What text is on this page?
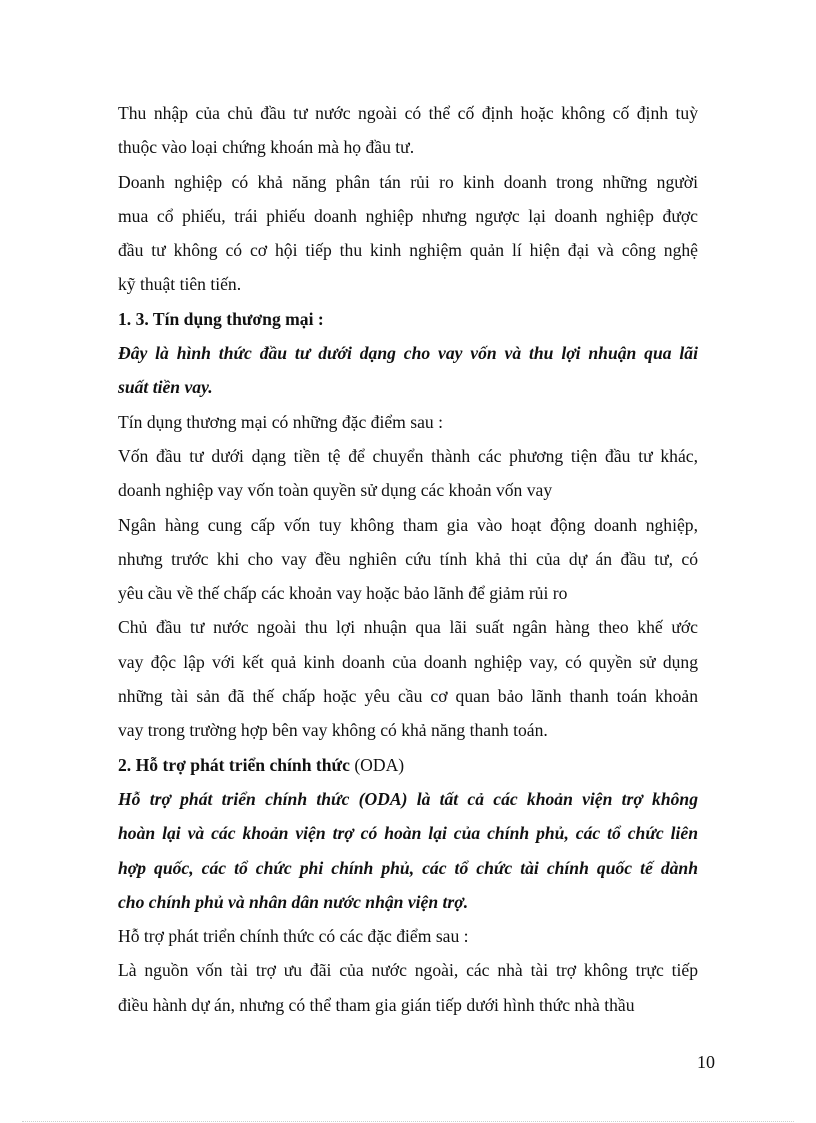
Thu nhập của chủ đầu tư nước ngoài có thể cố định hoặc không cố định tuỳ
thuộc vào loại chứng khoán mà họ đầu tư.
Doanh nghiệp có khả năng phân tán rủi ro kinh doanh trong những người
mua cổ phiếu, trái phiếu doanh nghiệp nhưng ngược lại doanh nghiệp được
đầu tư không có cơ hội tiếp thu kinh nghiệm quản lí hiện đại và công nghệ
kỹ thuật tiên tiến.
1. 3. Tín dụng thương mại :
Đây là hình thức đầu tư dưới dạng cho vay vốn và thu lợi nhuận qua lãi
suất tiền vay.
Tín dụng thương mại có những đặc điểm sau :
Vốn đầu tư dưới dạng tiền tệ để chuyển thành các phương tiện đầu tư khác,
doanh nghiệp vay vốn toàn quyền sử dụng các khoản vốn vay
Ngân hàng cung cấp vốn tuy không tham gia vào hoạt động doanh nghiệp,
nhưng trước khi cho vay đều nghiên cứu tính khả thi của dự án đầu tư, có
yêu cầu về thế chấp các khoản vay hoặc bảo lãnh để giảm rủi ro
Chủ đầu tư nước ngoài thu lợi nhuận qua lãi suất ngân hàng theo khế ước
vay độc lập với kết quả kinh doanh của doanh nghiệp vay, có quyền sử dụng
những tài sản đã thế chấp hoặc yêu cầu cơ quan bảo lãnh thanh toán khoản
vay trong trường hợp bên vay không có khả năng thanh toán.
2. Hỗ trợ phát triển chính thức (ODA)
Hỗ trợ phát triển chính thức (ODA) là tất cả các khoản viện trợ không
hoàn lại và các khoản viện trợ có hoàn lại của chính phủ, các tổ chức liên
hợp quốc, các tổ chức phi chính phủ, các tổ chức tài chính quốc tế dành
cho chính phủ và nhân dân nước nhận viện trợ.
Hỗ trợ phát triển chính thức có các đặc điểm sau :
Là nguồn vốn tài trợ ưu đãi của nước ngoài, các nhà tài trợ không trực tiếp
điều hành dự án, nhưng có thể tham gia gián tiếp dưới hình thức nhà thầu
10
